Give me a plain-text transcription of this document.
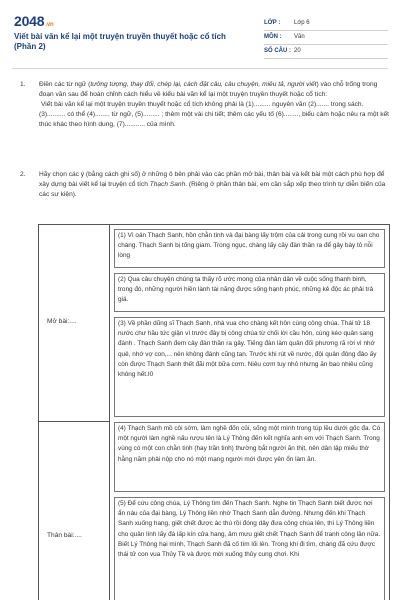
2048.vn
Viết bài văn kể lại một truyện truyền thuyết hoặc cổ tích (Phần 2)
LỚP : Lớp 6
MÔN : Văn
SỐ CÂU : 20
1. Điền các từ ngữ (tưởng tượng, thay đổi, chép lại, cách đặt câu, câu chuyện, miêu tả, người viết) vào chỗ trống trong đoạn văn sau để hoàn chỉnh cách hiểu về kiểu bài văn kể lại một truyện truyền thuyết hoặc cổ tích:
Viết bài văn kể lại một truyện truyền thuyết hoặc cổ tích không phải là (1)......... nguyên văn (2)....... trong sách. (3).......... có thể (4)........ từ ngữ, (5)......... ; thêm một vài chi tiết; thêm các yếu tố (6)........, biểu cảm hoặc nêu ra một kết thúc khác theo hình dung, (7)........... của mình.
2. Hãy chọn các ý (bằng cách ghi số) ở những ô bên phải vào các phần mở bài, thân bài và kết bài một cách phù hợp để xây dựng bài viết kể lại truyện cổ tích Thạch Sanh. (Riêng ở phần thân bài, em cần sắp xếp theo trình tự diễn biến của các sự kiện).
Mở bài:....
Thân bài:....
(1) Vì oán Thạch Sanh, hồn chằn tinh và đại bàng lấy trộm của cải trong cung rồi vu oan cho chàng. Thạch Sanh bị tống giam. Trong ngục, chàng lấy cây đàn thần ra để gảy bày tỏ nỗi lòng
(2) Qua câu chuyện chúng ta thấy rõ ước mong của nhân dân về cuộc sống thanh bình, trong đó, những người hiền lành tài năng được sống hạnh phúc, những kẻ độc ác phải trả giá.
(3) Về phần dũng sĩ Thạch Sanh, nhà vua cho chàng kết hôn cùng công chúa. Thái tử 18 nước chư hầu tức giận vì trước đây bị công chúa từ chối lời cầu hôn, cùng kéo quân sang đánh . Thạch Sanh đem cây đàn thần ra gảy. Tiếng đàn làm quân đối phương rã rời vì nhớ quê, nhớ vợ con,... nên không đánh cũng tan. Trước khi rút về nước, đội quân đông đảo ấy còn được Thạch Sanh thết đãi một bữa cơm. Niêu cơm tuy nhỏ nhưng ăn bao nhiêu cũng không hết.I0
(4) Thạch Sanh mồ côi sớm, làm nghề đốn củi, sống một mình trong túp lều dưới gốc đa. Có một người làm nghề nấu rượu tên là Lý Thông đến kết nghĩa anh em với Thạch Sanh. Trong vùng có một con chằn tinh (hay trăn tinh) thường bắt người ăn thịt, nên dân lập miếu thờ hằng năm phải nộp cho nó một mạng người mới được yên ổn làm ăn.
(5) Để cứu công chúa, Lý Thông tìm đến Thạch Sanh. Nghe tin Thạch Sanh biết được nơi ẩn náu của đại bàng, Lý Thông liền nhờ Thạch Sanh dẫn đường. Nhưng đến khi Thạch Sanh xuống hang, giết chết được ác thú rồi đóng dây đưa công chúa lên, thì Lý Thông liền cho quân lính lấy đá lấp kín cửa hang, âm mưu giết chết Thạch Sanh để tranh công lần nữa. Biết Lý Thông hại mình, Thạch Sanh đã cố tìm lối lên. Trong khi đi tìm, chàng đã cứu được thái tử con vua Thủy Tề và được mời xuống thủy cung chơi. Khi
